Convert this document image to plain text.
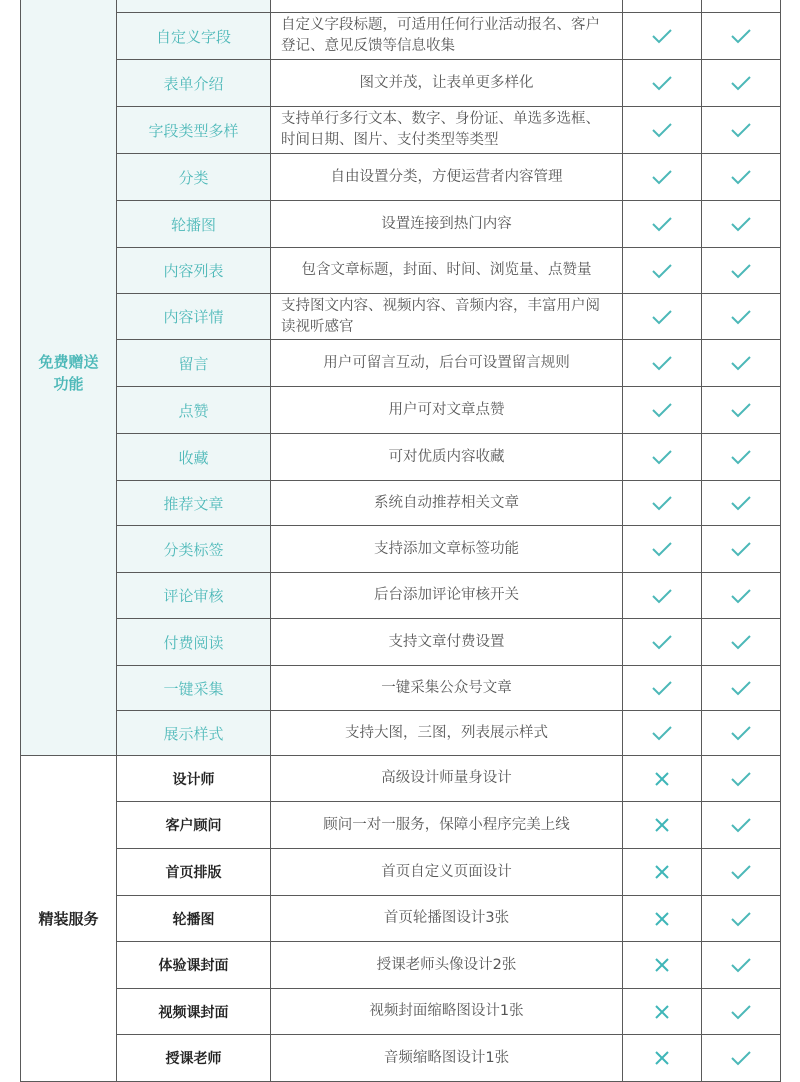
免费赠送
功能				

	自定义字段	自定义字段标题，可适用任何行业活动报名、客户登记、意见反馈等信息收集	

	表单介绍	图文并茂，让表单更多样化	

	字段类型多样	支持单行多行文本、数字、身份证、单选多选框、时间日期、图片、支付类型等类型	

	分类	自由设置分类，方便运营者内容管理	

	轮播图	设置连接到热门内容	

	内容列表	包含文章标题，封面、时间、浏览量、点赞量	

	内容详情	支持图文内容、视频内容、音频内容，丰富用户阅读视听感官	

	留言	用户可留言互动，后台可设置留言规则	

	点赞	用户可对文章点赞	

	收藏	可对优质内容收藏	

	推荐文章	系统自动推荐相关文章	

	分类标签	支持添加文章标签功能	

	评论审核	后台添加评论审核开关	

	付费阅读	支持文章付费设置	

	一键采集	一键采集公众号文章	

	展示样式	支持大图，三图，列表展示样式	

精装服务	设计师	高级设计师量身设计	

	客户顾问	顾问一对一服务，保障小程序完美上线	

	首页排版	首页自定义页面设计	

	轮播图	首页轮播图设计3张	

	体验课封面	授课老师头像设计2张	

	视频课封面	视频封面缩略图设计1张	

	授课老师	音频缩略图设计1张	
